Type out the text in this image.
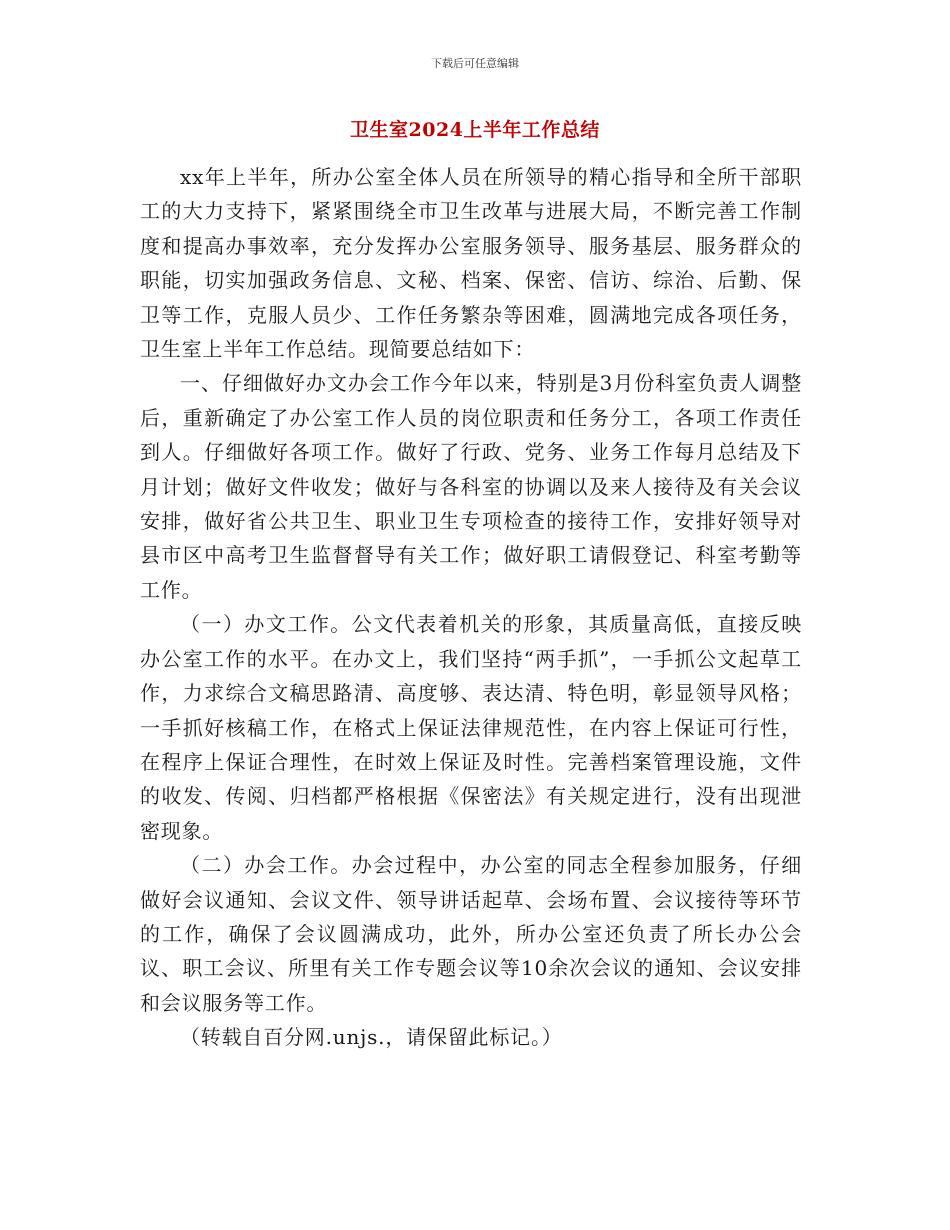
下载后可任意编辑
卫生室2024上半年工作总结

xx年上半年，所办公室全体人员在所领导的精心指导和全所干部职工的大力支持下，紧紧围绕全市卫生改革与进展大局，不断完善工作制度和提高办事效率，充分发挥办公室服务领导、服务基层、服务群众的职能，切实加强政务信息、文秘、档案、保密、信访、综治、后勤、保卫等工作，克服人员少、工作任务繁杂等困难，圆满地完成各项任务，卫生室上半年工作总结。现简要总结如下：

一、仔细做好办文办会工作今年以来，特别是3月份科室负责人调整后，重新确定了办公室工作人员的岗位职责和任务分工，各项工作责任到人。仔细做好各项工作。做好了行政、党务、业务工作每月总结及下月计划；做好文件收发；做好与各科室的协调以及来人接待及有关会议安排，做好省公共卫生、职业卫生专项检查的接待工作，安排好领导对县市区中高考卫生监督督导有关工作；做好职工请假登记、科室考勤等工作。

（一）办文工作。公文代表着机关的形象，其质量高低，直接反映办公室工作的水平。在办文上，我们坚持“两手抓”，一手抓公文起草工作，力求综合文稿思路清、高度够、表达清、特色明，彰显领导风格；一手抓好核稿工作，在格式上保证法律规范性，在内容上保证可行性，在程序上保证合理性，在时效上保证及时性。完善档案管理设施，文件的收发、传阅、归档都严格根据《保密法》有关规定进行，没有出现泄密现象。

（二）办会工作。办会过程中，办公室的同志全程参加服务，仔细做好会议通知、会议文件、领导讲话起草、会场布置、会议接待等环节的工作，确保了会议圆满成功，此外，所办公室还负责了所长办公会议、职工会议、所里有关工作专题会议等10余次会议的通知、会议安排和会议服务等工作。

（转载自百分网.unjs.，请保留此标记。）
